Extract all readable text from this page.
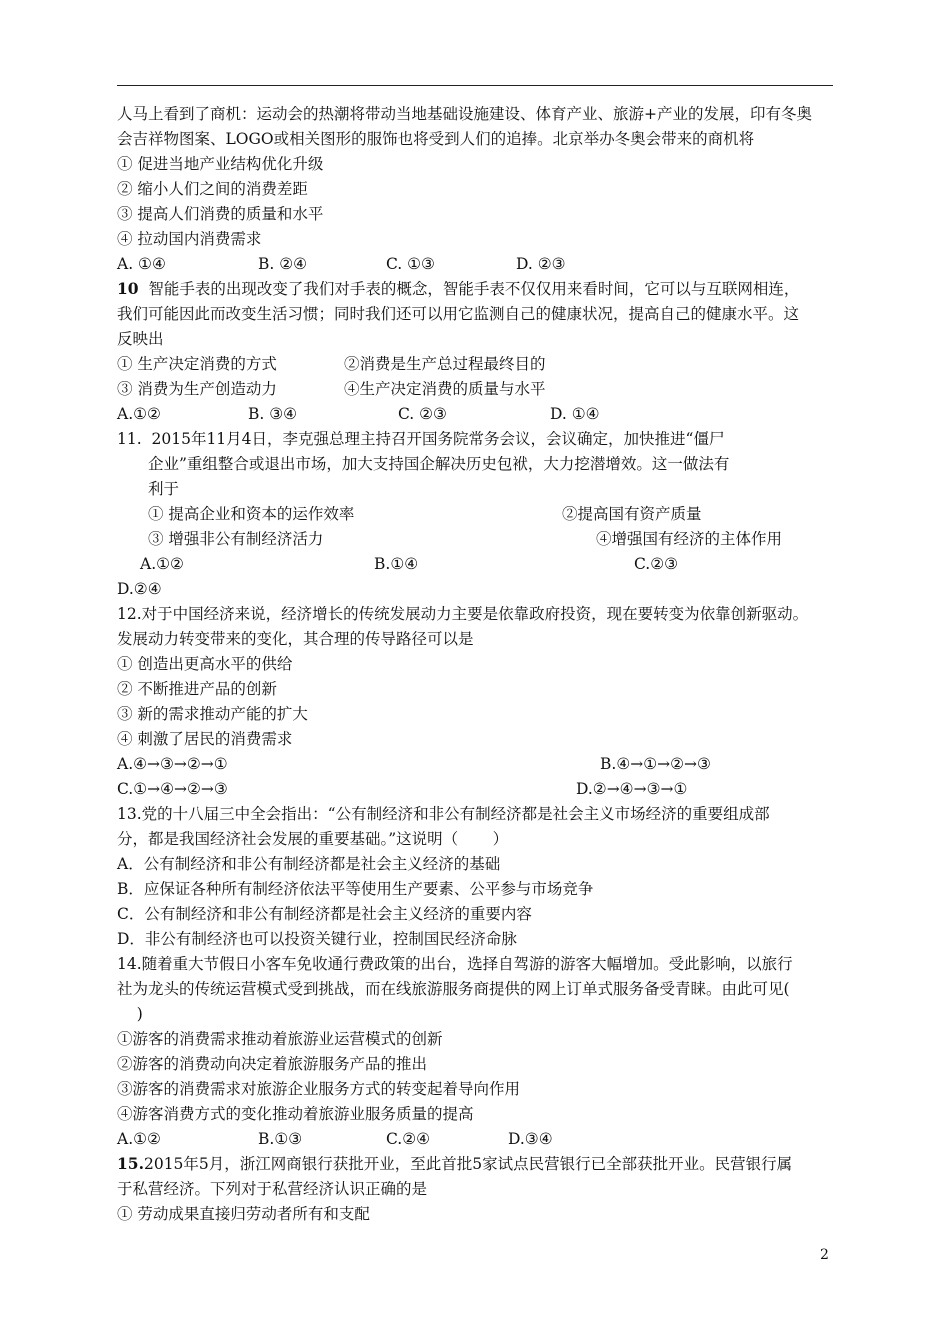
人马上看到了商机：运动会的热潮将带动当地基础设施建设、体育产业、旅游+产业的发展，印有冬奥
会吉祥物图案、LOGO或相关图形的服饰也将受到人们的追捧。北京举办冬奥会带来的商机将
① 促进当地产业结构优化升级
② 缩小人们之间的消费差距
③ 提高人们消费的质量和水平
④ 拉动国内消费需求
A. ①④	B. ②④	C. ①③	D. ②③
10  智能手表的出现改变了我们对手表的概念，智能手表不仅仅用来看时间，它可以与互联网相连，
我们可能因此而改变生活习惯；同时我们还可以用它监测自己的健康状况，提高自己的健康水平。这
反映出
① 生产决定消费的方式	②消费是生产总过程最终目的
③ 消费为生产创造动力	④生产决定消费的质量与水平
A.①②	B. ③④	C. ②③	D. ①④
11.  2015年11月4日，李克强总理主持召开国务院常务会议，会议确定，加快推进“僵尸
企业”重组整合或退出市场，加大支持国企解决历史包袱，大力挖潜增效。这一做法有
利于
① 提高企业和资本的运作效率	②提高国有资产质量
③ 增强非公有制经济活力	④增强国有经济的主体作用
A.①②	B.①④	C.②③
D.②④
12.对于中国经济来说，经济增长的传统发展动力主要是依靠政府投资，现在要转变为依靠创新驱动。
发展动力转变带来的变化，其合理的传导路径可以是
① 创造出更高水平的供给
② 不断推进产品的创新
③ 新的需求推动产能的扩大
④ 刺激了居民的消费需求
A.④→③→②→①	B.④→①→②→③
C.①→④→②→③	D.②→④→③→①
13.党的十八届三中全会指出：“公有制经济和非公有制经济都是社会主义市场经济的重要组成部
分，都是我国经济社会发展的重要基础。”这说明（       ）
A．公有制经济和非公有制经济都是社会主义经济的基础
B．应保证各种所有制经济依法平等使用生产要素、公平参与市场竞争
C．公有制经济和非公有制经济都是社会主义经济的重要内容
D．非公有制经济也可以投资关键行业，控制国民经济命脉
14.随着重大节假日小客车免收通行费政策的出台，选择自驾游的游客大幅增加。受此影响，以旅行
社为龙头的传统运营模式受到挑战，而在线旅游服务商提供的网上订单式服务备受青睐。由此可见(
)
①游客的消费需求推动着旅游业运营模式的创新
②游客的消费动向决定着旅游服务产品的推出
③游客的消费需求对旅游企业服务方式的转变起着导向作用
④游客消费方式的变化推动着旅游业服务质量的提高
A.①②	B.①③	C.②④	D.③④
15.2015年5月，浙江网商银行获批开业，至此首批5家试点民营银行已全部获批开业。民营银行属
于私营经济。下列对于私营经济认识正确的是
① 劳动成果直接归劳动者所有和支配
2
